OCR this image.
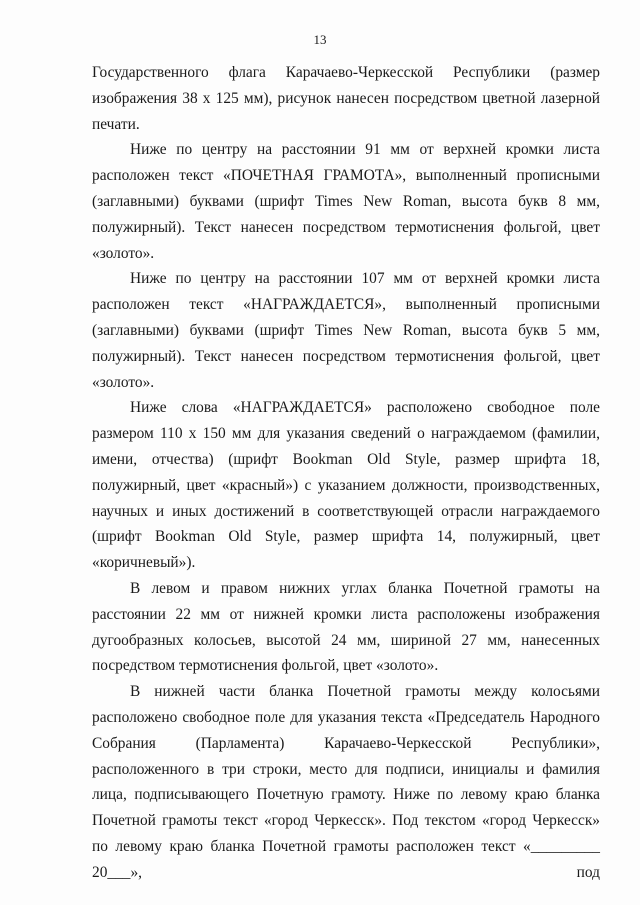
13

Государственного флага Карачаево-Черкесской Республики (размер изображения 38 х 125 мм), рисунок нанесен посредством цветной лазерной печати.

Ниже по центру на расстоянии 91 мм от верхней кромки листа расположен текст «ПОЧЕТНАЯ ГРАМОТА», выполненный прописными (заглавными) буквами (шрифт Times New Roman, высота букв 8 мм, полужирный). Текст нанесен посредством термотиснения фольгой, цвет «золото».

Ниже по центру на расстоянии 107 мм от верхней кромки листа расположен текст «НАГРАЖДАЕТСЯ», выполненный прописными (заглавными) буквами (шрифт Times New Roman, высота букв 5 мм, полужирный). Текст нанесен посредством термотиснения фольгой, цвет «золото».

Ниже слова «НАГРАЖДАЕТСЯ» расположено свободное поле размером 110 х 150 мм для указания сведений о награждаемом (фамилии, имени, отчества) (шрифт Bookman Old Style, размер шрифта 18, полужирный, цвет «красный») с указанием должности, производственных, научных и иных достижений в соответствующей отрасли награждаемого (шрифт Bookman Old Style, размер шрифта 14, полужирный, цвет «коричневый»).

В левом и правом нижних углах бланка Почетной грамоты на расстоянии 22 мм от нижней кромки листа расположены изображения дугообразных колосьев, высотой 24 мм, шириной 27 мм, нанесенных посредством термотиснения фольгой, цвет «золото».

В нижней части бланка Почетной грамоты между колосьями расположено свободное поле для указания текста «Председатель Народного Собрания (Парламента) Карачаево-Черкесской Республики», расположенного в три строки, место для подписи, инициалы и фамилия лица, подписывающего Почетную грамоту. Ниже по левому краю бланка Почетной грамоты текст «город Черкесск». Под текстом «город Черкесск» по левому краю бланка Почетной грамоты расположен текст «_________ 20___», под
